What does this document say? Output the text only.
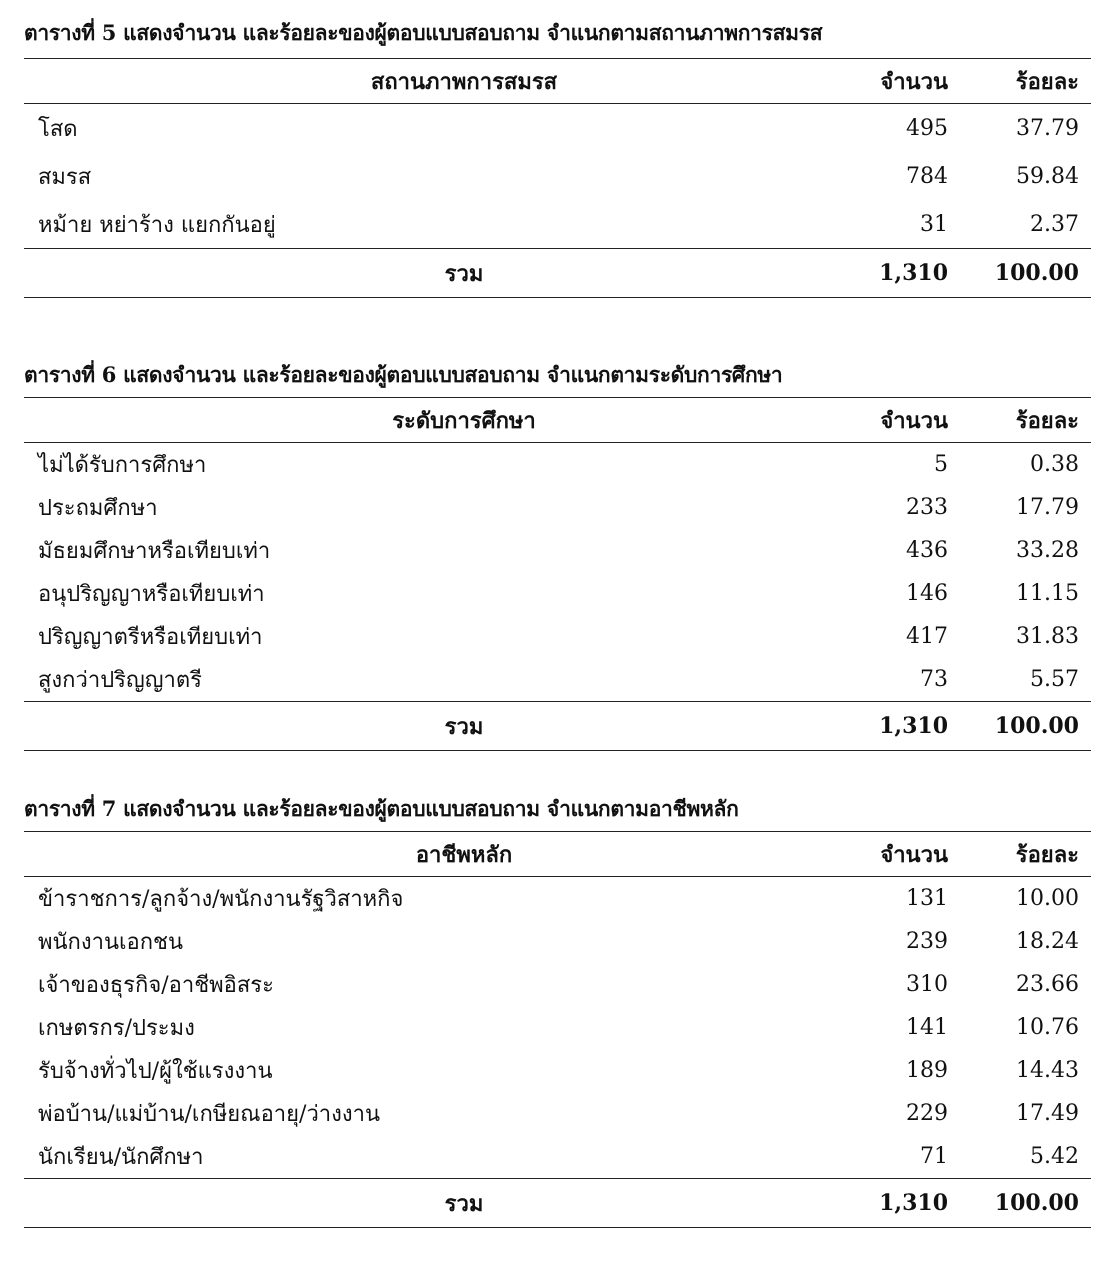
ตารางที่ 5 แสดงจำนวน และร้อยละของผู้ตอบแบบสอบถาม จำแนกตามสถานภาพการสมรส
สถานภาพการสมรส	จำนวน	ร้อยละ
โสด	495	37.79
สมรส	784	59.84
หม้าย หย่าร้าง แยกกันอยู่	31	2.37
รวม	1,310	100.00
ตารางที่ 6 แสดงจำนวน และร้อยละของผู้ตอบแบบสอบถาม จำแนกตามระดับการศึกษา
ระดับการศึกษา	จำนวน	ร้อยละ
ไม่ได้รับการศึกษา	5	0.38
ประถมศึกษา	233	17.79
มัธยมศึกษาหรือเทียบเท่า	436	33.28
อนุปริญญาหรือเทียบเท่า	146	11.15
ปริญญาตรีหรือเทียบเท่า	417	31.83
สูงกว่าปริญญาตรี	73	5.57
รวม	1,310	100.00
ตารางที่ 7 แสดงจำนวน และร้อยละของผู้ตอบแบบสอบถาม จำแนกตามอาชีพหลัก
อาชีพหลัก	จำนวน	ร้อยละ
ข้าราชการ/ลูกจ้าง/พนักงานรัฐวิสาหกิจ	131	10.00
พนักงานเอกชน	239	18.24
เจ้าของธุรกิจ/อาชีพอิสระ	310	23.66
เกษตรกร/ประมง	141	10.76
รับจ้างทั่วไป/ผู้ใช้แรงงาน	189	14.43
พ่อบ้าน/แม่บ้าน/เกษียณอายุ/ว่างงาน	229	17.49
นักเรียน/นักศึกษา	71	5.42
รวม	1,310	100.00
